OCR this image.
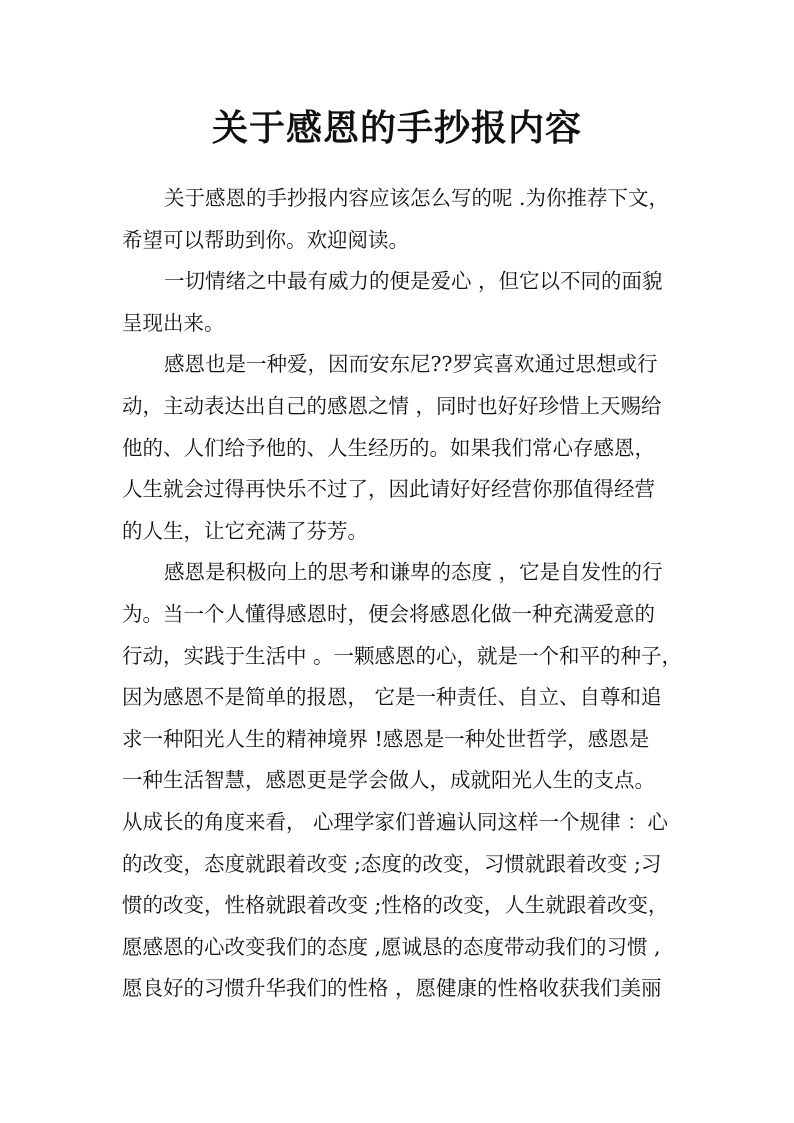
关于感恩的手抄报内容
关于感恩的手抄报内容应该怎么写的呢 .为你推荐下文，
希望可以帮助到你。欢迎阅读。
一切情绪之中最有威力的便是爱心 ，但它以不同的面貌
呈现出来。
感恩也是一种爱，因而安东尼??罗宾喜欢通过思想或行
动，主动表达出自己的感恩之情 ，同时也好好珍惜上天赐给
他的、人们给予他的、人生经历的。如果我们常心存感恩，
人生就会过得再快乐不过了，因此请好好经营你那值得经营
的人生，让它充满了芬芳。
感恩是积极向上的思考和谦卑的态度 ，它是自发性的行
为。当一个人懂得感恩时，便会将感恩化做一种充满爱意的
行动，实践于生活中 。一颗感恩的心，就是一个和平的种子，
因为感恩不是简单的报恩， 它是一种责任、自立、自尊和追
求一种阳光人生的精神境界 !感恩是一种处世哲学，感恩是
一种生活智慧，感恩更是学会做人，成就阳光人生的支点。
从成长的角度来看， 心理学家们普遍认同这样一个规律 ：心
的改变，态度就跟着改变 ;态度的改变，习惯就跟着改变 ;习
惯的改变，性格就跟着改变 ;性格的改变，人生就跟着改变，
愿感恩的心改变我们的态度 ,愿诚恳的态度带动我们的习惯 ,
愿良好的习惯升华我们的性格 ，愿健康的性格收获我们美丽
